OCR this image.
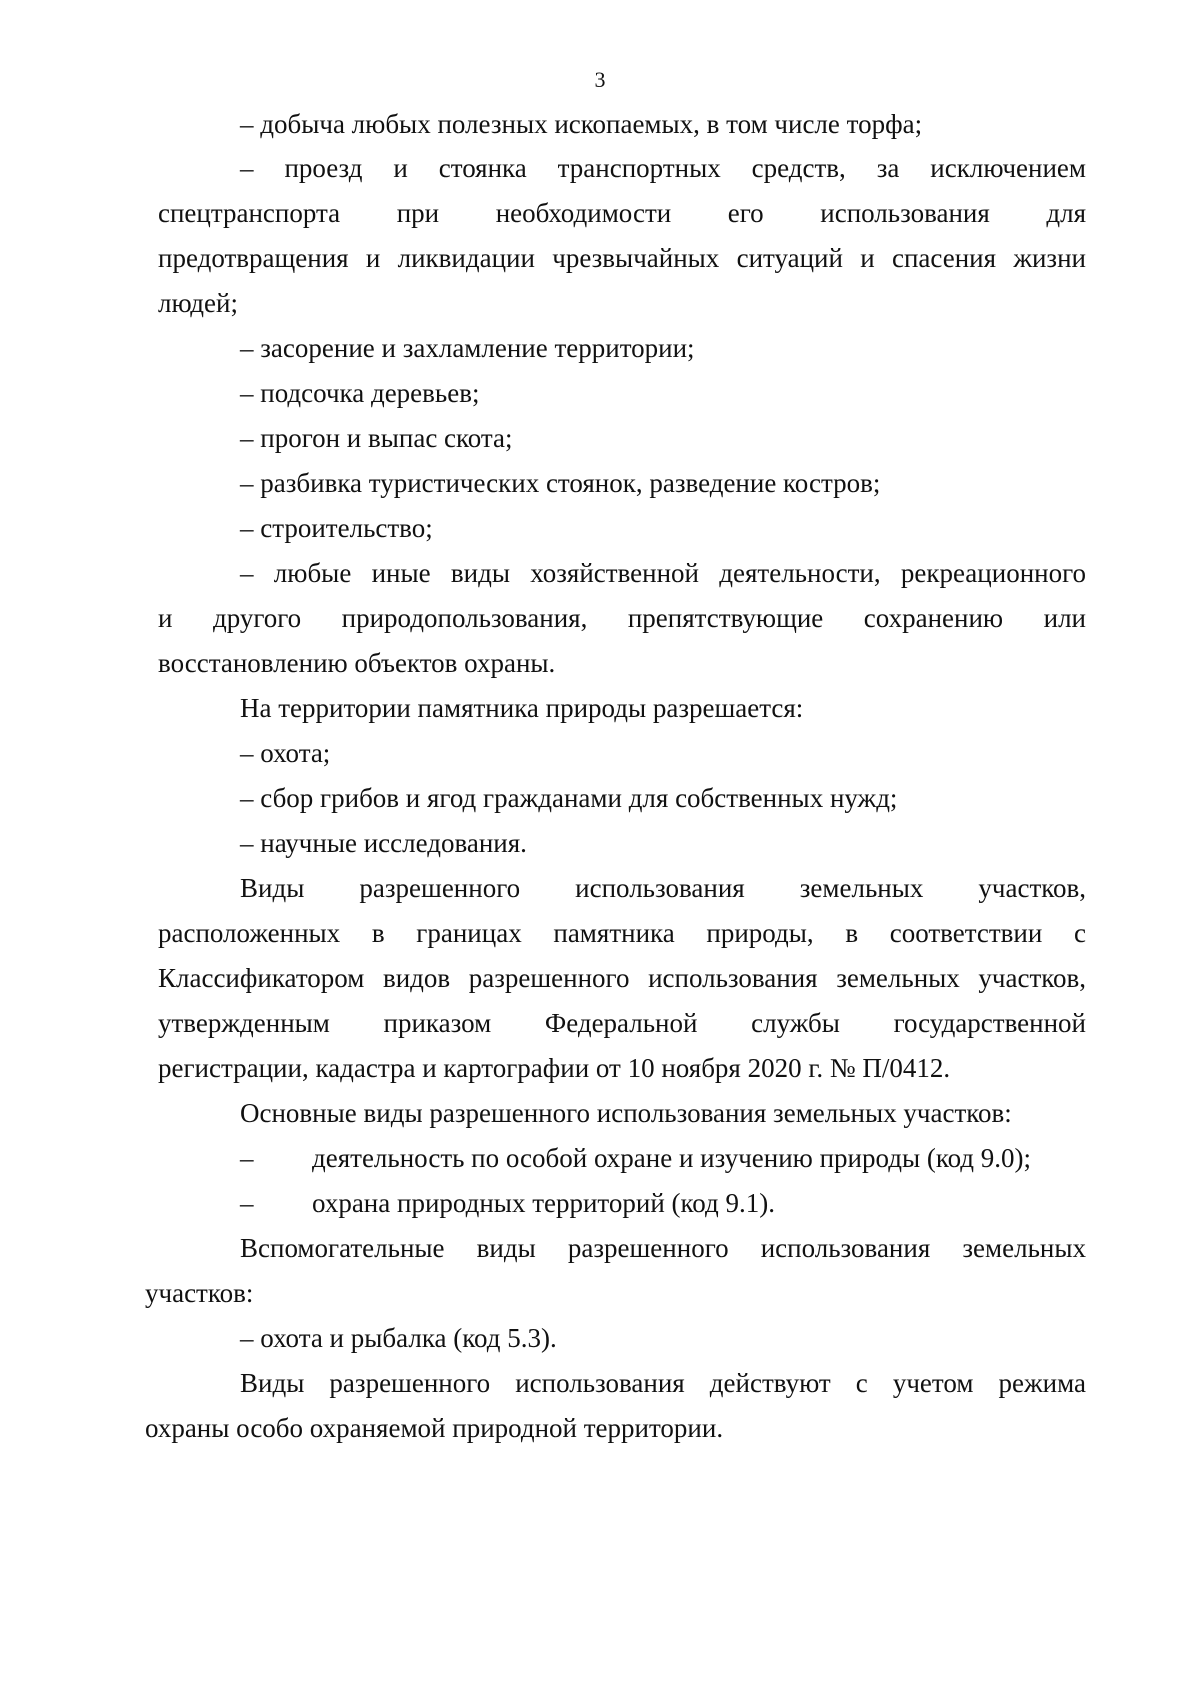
3
– добыча любых полезных ископаемых, в том числе торфа;
– проезд и стоянка транспортных средств, за исключением
спецтранспорта при необходимости его использования для
предотвращения и ликвидации чрезвычайных ситуаций и спасения жизни
людей;
– засорение и захламление территории;
– подсочка деревьев;
– прогон и выпас скота;
– разбивка туристических стоянок, разведение костров;
– строительство;
– любые иные виды хозяйственной деятельности, рекреационного
и другого природопользования, препятствующие сохранению или
восстановлению объектов охраны.
На территории памятника природы разрешается:
– охота;
– сбор грибов и ягод гражданами для собственных нужд;
– научные исследования.
Виды разрешенного использования земельных участков,
расположенных в границах памятника природы, в соответствии с
Классификатором видов разрешенного использования земельных участков,
утвержденным приказом Федеральной службы государственной
регистрации, кадастра и картографии от 10 ноября 2020 г. № П/0412.
Основные виды разрешенного использования земельных участков:
– деятельность по особой охране и изучению природы (код 9.0);
– охрана природных территорий (код 9.1).
Вспомогательные виды разрешенного использования земельных
участков:
– охота и рыбалка (код 5.3).
Виды разрешенного использования действуют с учетом режима
охраны особо охраняемой природной территории.
